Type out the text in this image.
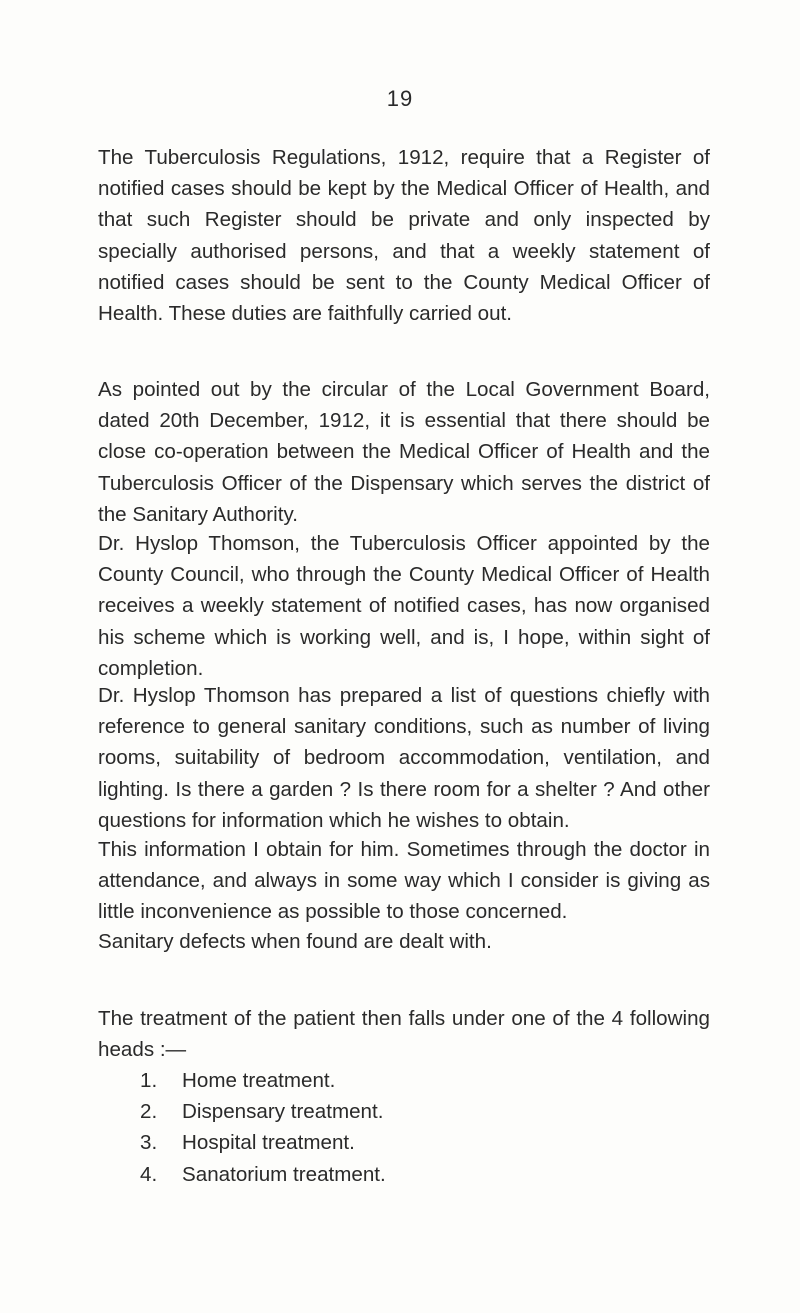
19

The Tuberculosis Regulations, 1912, require that a Register of notified cases should be kept by the Medical Officer of Health, and that such Register should be private and only inspected by specially authorised persons, and that a weekly statement of notified cases should be sent to the County Medical Officer of Health. These duties are faithfully carried out.

As pointed out by the circular of the Local Government Board, dated 20th December, 1912, it is essential that there should be close co-operation between the Medical Officer of Health and the Tuberculosis Officer of the Dispensary which serves the district of the Sanitary Authority.

Dr. Hyslop Thomson, the Tuberculosis Officer appointed by the County Council, who through the County Medical Officer of Health receives a weekly statement of notified cases, has now organised his scheme which is working well, and is, I hope, within sight of completion.

Dr. Hyslop Thomson has prepared a list of questions chiefly with reference to general sanitary conditions, such as number of living rooms, suitability of bedroom accommodation, ventilation, and lighting. Is there a garden ? Is there room for a shelter ? And other questions for information which he wishes to obtain.

This information I obtain for him. Sometimes through the doctor in attendance, and always in some way which I consider is giving as little inconvenience as possible to those concerned.

Sanitary defects when found are dealt with.

The treatment of the patient then falls under one of the 4 following heads :—

1.	Home treatment.
2.	Dispensary treatment.
3.	Hospital treatment.
4.	Sanatorium treatment.
